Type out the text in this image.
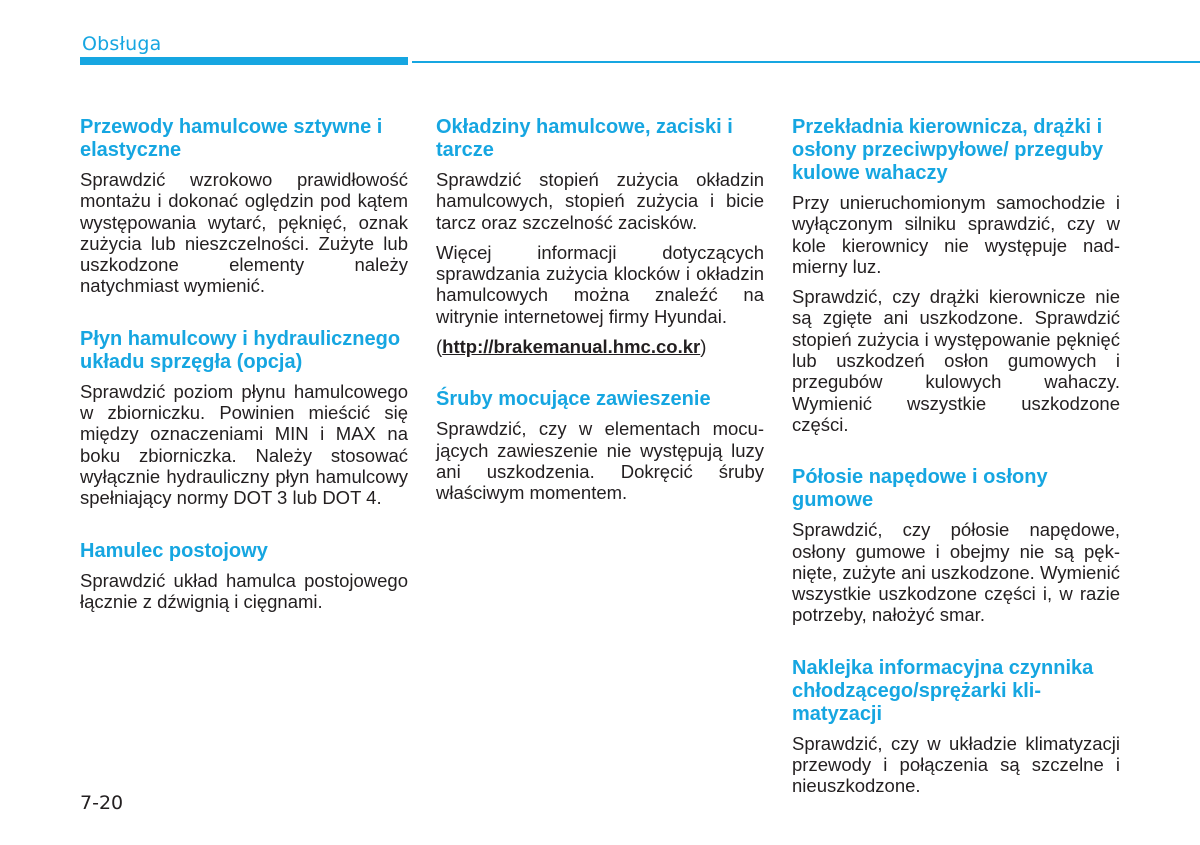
Obsługa
Przewody hamulcowe sztywne i elastyczne

Sprawdzić wzrokowo prawidłowość montażu i dokonać oględzin pod kątem występowania wytarć, pęknięć, oznak zużycia lub nieszczelności. Zużyte lub uszkodzone elementy należy natychmiast wymienić.

Płyn hamulcowy i hydraulicznego układu sprzęgła (opcja)

Sprawdzić poziom płynu hamulcowego w zbiorniczku. Powinien mieścić się między oznaczeniami MIN i MAX na boku zbiorniczka. Należy stosować wyłącznie hydrauliczny płyn hamulcowy spełniający normy DOT 3 lub DOT 4.

Hamulec postojowy

Sprawdzić układ hamulca postojowego łącznie z dźwignią i cięgnami.

Okładziny hamulcowe, zaciski i tarcze

Sprawdzić stopień zużycia okładzin hamulcowych, stopień zużycia i bicie tarcz oraz szczelność zacisków.

Więcej informacji dotyczących sprawdzania zużycia klocków i okładzin hamulcowych można znaleźć na witrynie internetowej firmy Hyundai.

(http://brakemanual.hmc.co.kr)

Śruby mocujące zawieszenie

Sprawdzić, czy w elementach mocujących zawieszenie nie występują luzy ani uszkodzenia. Dokręcić śruby właściwym momentem.

Przekładnia kierownicza, drążki i osłony przeciwpyłowe/ przeguby kulowe wahaczy

Przy unieruchomionym samochodzie i wyłączonym silniku sprawdzić, czy w kole kierownicy nie występuje nadmierny luz.

Sprawdzić, czy drążki kierownicze nie są zgięte ani uszkodzone. Sprawdzić stopień zużycia i występowanie pęknięć lub uszkodzeń osłon gumowych i przegubów kulowych wahaczy. Wymienić wszystkie uszkodzone części.

Półosie napędowe i osłony gumowe

Sprawdzić, czy półosie napędowe, osłony gumowe i obejmy nie są pęknięte, zużyte ani uszkodzone. Wymienić wszystkie uszkodzone części i, w razie potrzeby, nałożyć smar.

Naklejka informacyjna czynnika chłodzącego/sprężarki klimatyzacji

Sprawdzić, czy w układzie klimatyzacji przewody i połączenia są szczelne i nieuszkodzone.

7-20
